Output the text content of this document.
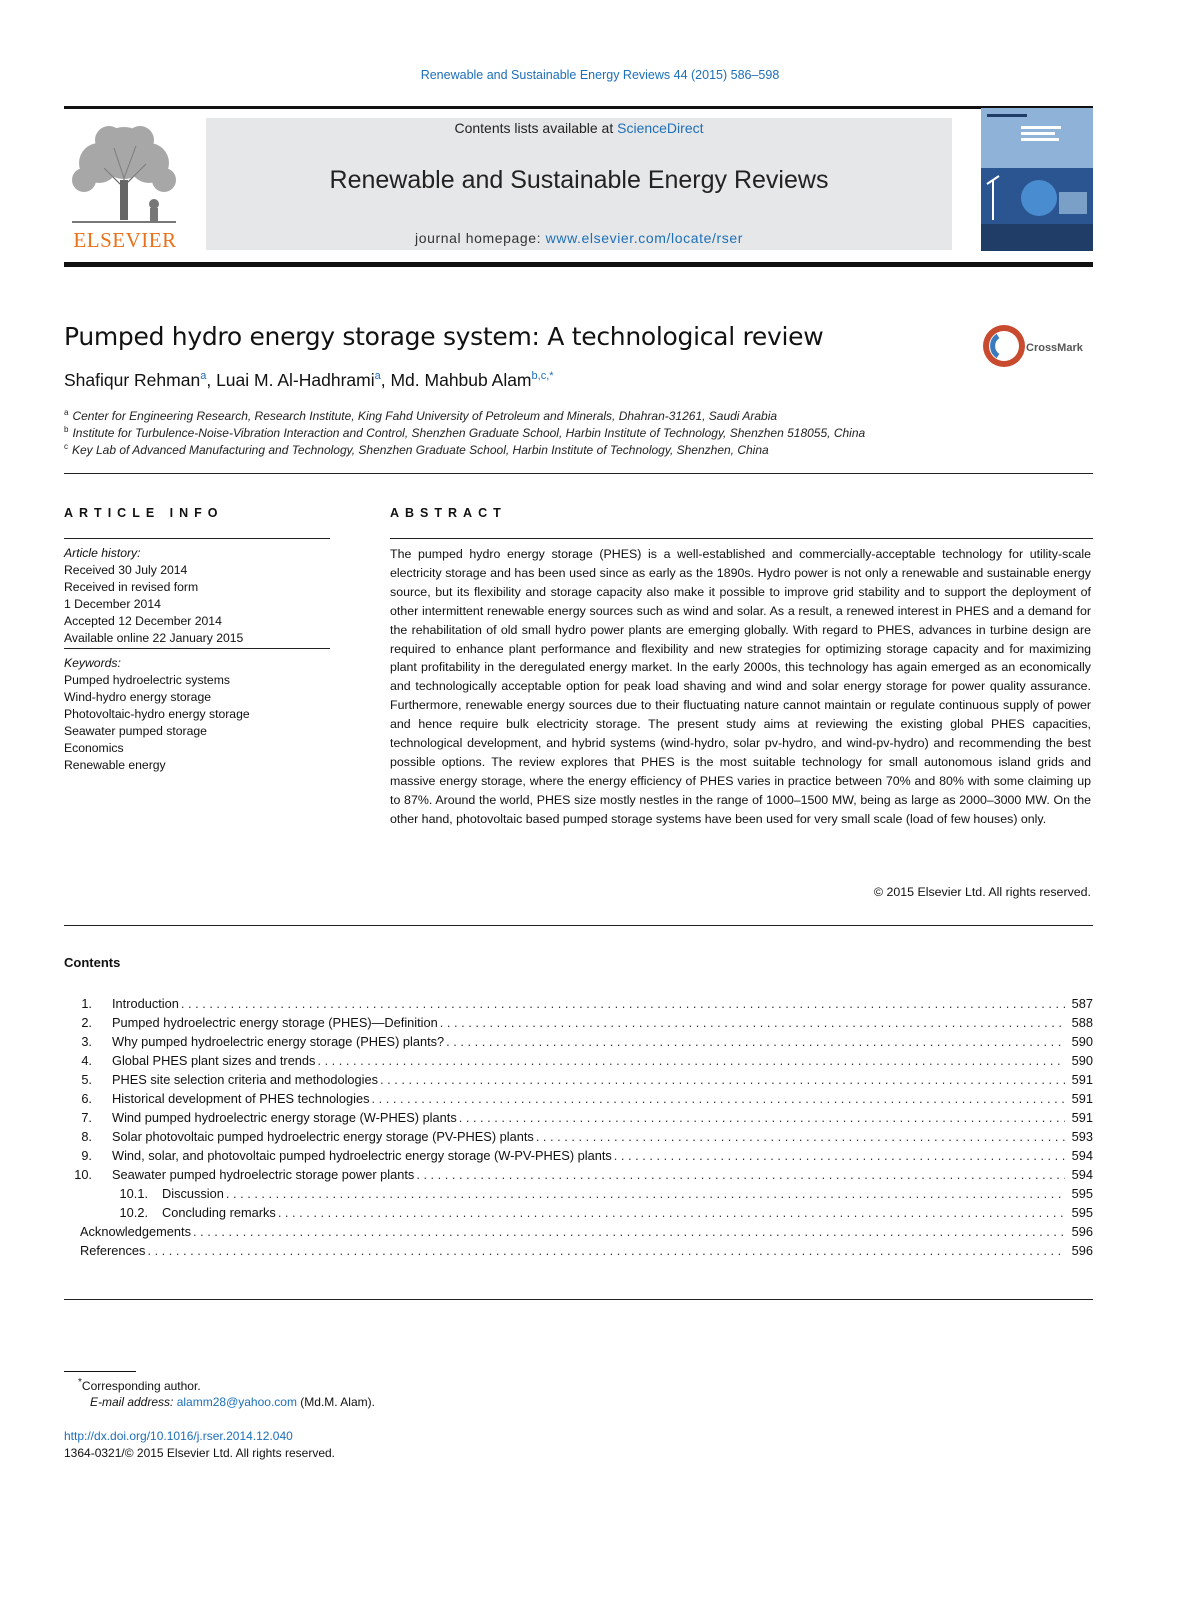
Renewable and Sustainable Energy Reviews 44 (2015) 586–598
ELSEVIER
Contents lists available at ScienceDirect
Renewable and Sustainable Energy Reviews
journal homepage: www.elsevier.com/locate/rser
Pumped hydro energy storage system: A technological review	CrossMark
Shafiqur Rehman$^a$, Luai M. Al-Hadhrami$^a$, Md. Mahbub Alam$^{b,c,*}$
$^a$ Center for Engineering Research, Research Institute, King Fahd University of Petroleum and Minerals, Dhahran-31261, Saudi Arabia
$^b$ Institute for Turbulence-Noise-Vibration Interaction and Control, Shenzhen Graduate School, Harbin Institute of Technology, Shenzhen 518055, China
$^c$ Key Lab of Advanced Manufacturing and Technology, Shenzhen Graduate School, Harbin Institute of Technology, Shenzhen, China
ARTICLE INFO
Article history:
Received 30 July 2014
Received in revised form
1 December 2014
Accepted 12 December 2014
Available online 22 January 2015
Keywords:
Pumped hydroelectric systems
Wind-hydro energy storage
Photovoltaic-hydro energy storage
Seawater pumped storage
Economics
Renewable energy
ABSTRACT
The pumped hydro energy storage (PHES) is a well-established and commercially-acceptable technology for utility-scale electricity storage and has been used since as early as the 1890s. Hydro power is not only a renewable and sustainable energy source, but its flexibility and storage capacity also make it possible to improve grid stability and to support the deployment of other intermittent renewable energy sources such as wind and solar. As a result, a renewed interest in PHES and a demand for the rehabilitation of old small hydro power plants are emerging globally. With regard to PHES, advances in turbine design are required to enhance plant performance and flexibility and new strategies for optimizing storage capacity and for maximizing plant profitability in the deregulated energy market. In the early 2000s, this technology has again emerged as an economically and technologically acceptable option for peak load shaving and wind and solar energy storage for power quality assurance. Furthermore, renewable energy sources due to their fluctuating nature cannot maintain or regulate continuous supply of power and hence require bulk electricity storage. The present study aims at reviewing the existing global PHES capacities, technological development, and hybrid systems (wind-hydro, solar pv-hydro, and wind-pv-hydro) and recommending the best possible options. The review explores that PHES is the most suitable technology for small autonomous island grids and massive energy storage, where the energy efficiency of PHES varies in practice between 70% and 80% with some claiming up to 87%. Around the world, PHES size mostly nestles in the range of 1000–1500 MW, being as large as 2000–3000 MW. On the other hand, photovoltaic based pumped storage systems have been used for very small scale (load of few houses) only.
© 2015 Elsevier Ltd. All rights reserved.
Contents
1.	Introduction . . .	587
2.	Pumped hydroelectric energy storage (PHES)—Definition . . .	588
3.	Why pumped hydroelectric energy storage (PHES) plants? . . .	590
4.	Global PHES plant sizes and trends . . .	590
5.	PHES site selection criteria and methodologies . . .	591
6.	Historical development of PHES technologies . . .	591
7.	Wind pumped hydroelectric energy storage (W-PHES) plants . . .	591
8.	Solar photovoltaic pumped hydroelectric energy storage (PV-PHES) plants . . .	593
9.	Wind, solar, and photovoltaic pumped hydroelectric energy storage (W-PV-PHES) plants . . .	594
10.	Seawater pumped hydroelectric storage power plants . . .	594
10.1.	Discussion . . .	595
10.2.	Concluding remarks . . .	595
Acknowledgements . . .	596
References . . .	596
*Corresponding author.
E-mail address: alamm28@yahoo.com (Md.M. Alam).
http://dx.doi.org/10.1016/j.rser.2014.12.040
1364-0321/© 2015 Elsevier Ltd. All rights reserved.
